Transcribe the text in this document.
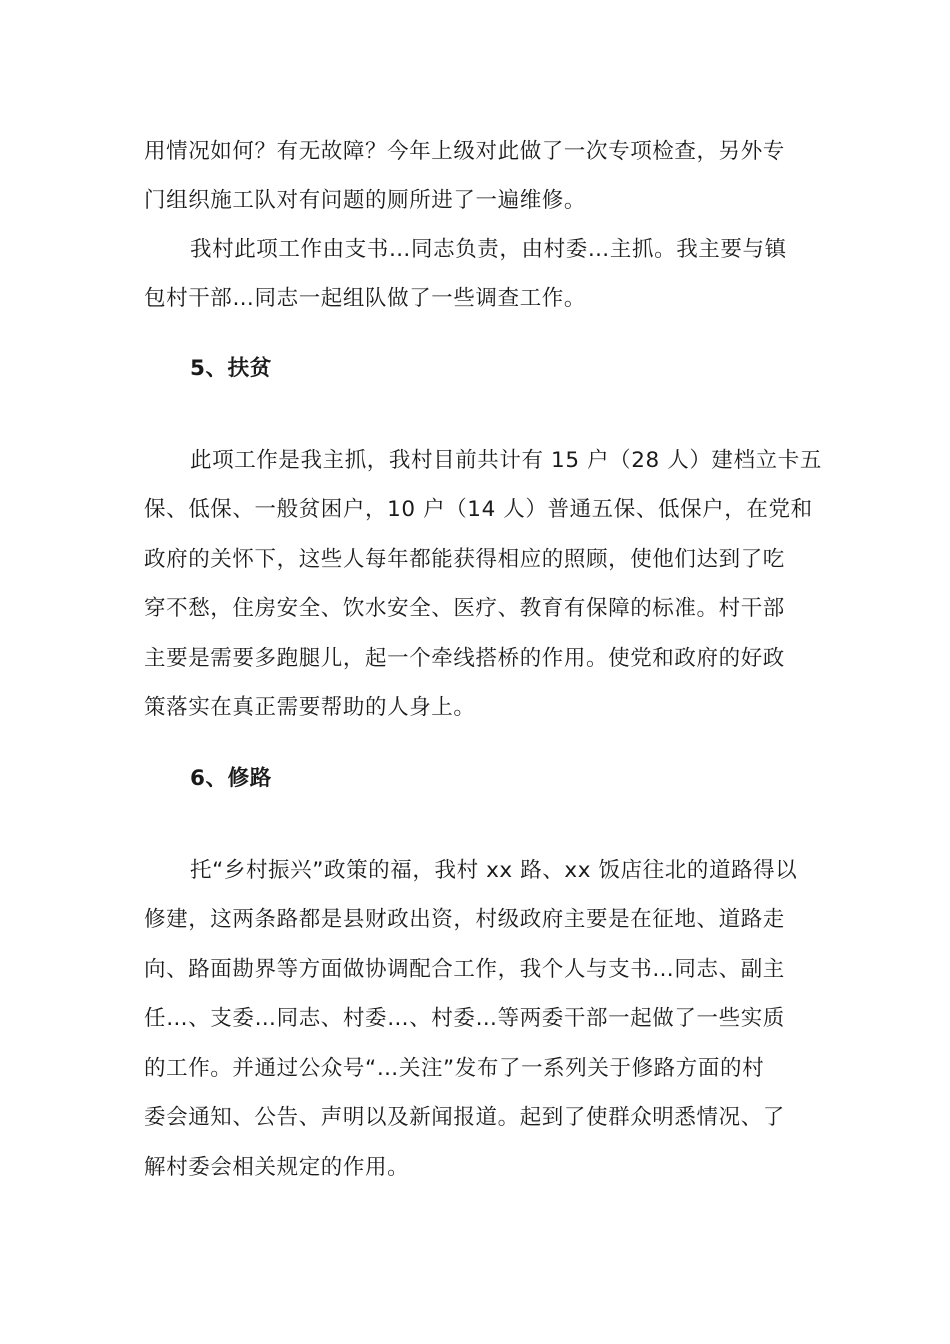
用情况如何？有无故障？今年上级对此做了一次专项检查，另外专
门组织施工队对有问题的厕所进了一遍维修。
我村此项工作由支书…同志负责，由村委…主抓。我主要与镇
包村干部…同志一起组队做了一些调查工作。
5、扶贫
此项工作是我主抓，我村目前共计有 15 户（28 人）建档立卡五
保、低保、一般贫困户，10 户（14 人）普通五保、低保户，在党和
政府的关怀下，这些人每年都能获得相应的照顾，使他们达到了吃
穿不愁，住房安全、饮水安全、医疗、教育有保障的标准。村干部
主要是需要多跑腿儿，起一个牵线搭桥的作用。使党和政府的好政
策落实在真正需要帮助的人身上。
6、修路
托“乡村振兴”政策的福，我村 xx 路、xx 饭店往北的道路得以
修建，这两条路都是县财政出资，村级政府主要是在征地、道路走
向、路面勘界等方面做协调配合工作，我个人与支书…同志、副主
任…、支委…同志、村委…、村委…等两委干部一起做了一些实质
的工作。并通过公众号“…关注”发布了一系列关于修路方面的村
委会通知、公告、声明以及新闻报道。起到了使群众明悉情况、了
解村委会相关规定的作用。
